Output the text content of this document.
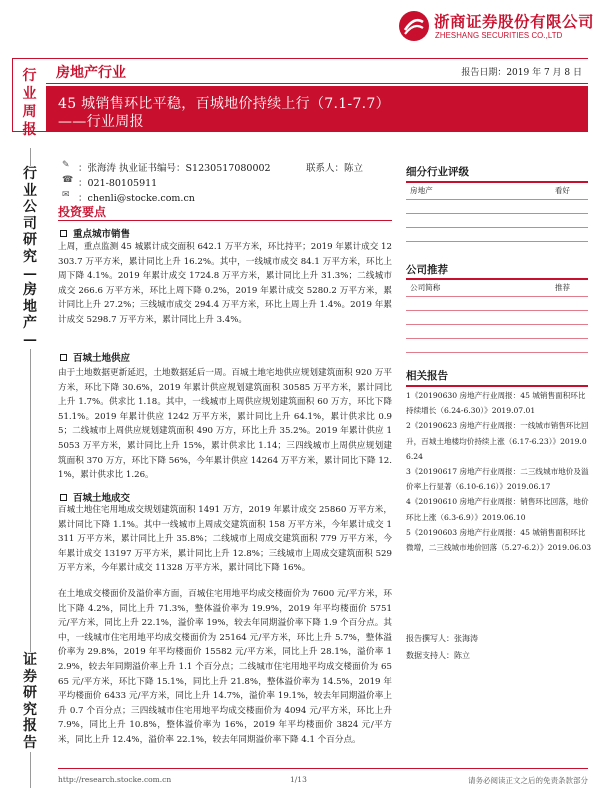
浙商证券股份有限公司
ZHESHANG SECURITIES CO.,LTD
行业周报
房地产行业	报告日期：2019 年 7 月 8 日
45 城销售环比平稳，百城地价持续上行（7.1-7.7）
——行业周报
行业公司研究—房地产—
证券研究报告
✎ ：张海涛 执业证书编号：S1230517080002	联系人：陈立
☎ ：021-80105911
✉ ：chenli@stocke.com.cn
投资要点
重点城市销售
上周，重点监测 45 城累计成交面积 642.1 万平方米，环比持平；2019 年累计成交 12303.7 万平方米，累计同比上升 16.2%。其中，一线城市成交 84.1 万平方米，环比上周下降 4.1%。2019 年累计成交 1724.8 万平方米，累计同比上升 31.3%；二线城市成交 266.6 万平方米，环比上周下降 0.2%，2019 年累计成交 5280.2 万平方米，累计同比上升 27.2%；三线城市成交 294.4 万平方米，环比上周上升 1.4%。2019 年累计成交 5298.7 万平方米，累计同比上升 3.4%。
百城土地供应
由于土地数据更新延迟，土地数据延后一周。百城土地宅地供应规划建筑面积 920 万平方米，环比下降 30.6%，2019 年累计供应规划建筑面积 30585 万平方米，累计同比上升 1.7%。供求比 1.18。其中，一线城市上周供应规划建筑面积 60 万方，环比下降 51.1%。2019 年累计供应 1242 万平方米，累计同比上升 64.1%，累计供求比 0.95；二线城市上周供应规划建筑面积 490 万方，环比上升 35.2%。2019 年累计供应 15053 万平方米，累计同比上升 15%，累计供求比 1.14；三四线城市上周供应规划建筑面积 370 万方，环比下降 56%，今年累计供应 14264 万平方米，累计同比下降 12.1%，累计供求比 1.26。
百城土地成交
百城土地住宅用地成交规划建筑面积 1491 万方，2019 年累计成交 25860 万平方米，累计同比下降 1.1%。其中一线城市上周成交建筑面积 158 万平方米，今年累计成交 1311 万平方米，累计同比上升 35.8%；二线城市上周成交建筑面积 779 万平方米，今年累计成交 13197 万平方米，累计同比上升 12.8%；三线城市上周成交建筑面积 529 万平方米，今年累计成交 11328 万平方米，累计同比下降 16%。
在土地成交楼面价及溢价率方面，百城住宅用地平均成交楼面价为 7600 元/平方米，环比下降 4.2%，同比上升 71.3%，整体溢价率为 19.9%，2019 年平均楼面价 5751 元/平方米，同比上升 22.1%，溢价率 19%，较去年同期溢价率下降 1.9 个百分点。其中，一线城市住宅用地平均成交楼面价为 25164 元/平方米，环比上升 5.7%，整体溢价率为 29.8%，2019 年平均楼面价 15582 元/平方米，同比上升 28.1%，溢价率 12.9%，较去年同期溢价率上升 1.1 个百分点；二线城市住宅用地平均成交楼面价为 6565 元/平方米，环比下降 15.1%，同比上升 21.8%，整体溢价率为 14.5%，2019 年平均楼面价 6433 元/平方米，同比上升 14.7%，溢价率 19.1%，较去年同期溢价率上升 0.7 个百分点；三四线城市住宅用地平均成交楼面价为 4094 元/平方米，环比上升 7.9%，同比上升 10.8%，整体溢价率为 16%，2019 年平均楼面价 3824 元/平方米，同比上升 12.4%，溢价率 22.1%，较去年同期溢价率下降 4.1 个百分点。
细分行业评级
房地产	看好
公司推荐
公司简称	推荐
相关报告
1《20190630 房地产行业周报：45 城销售面积环比持续增长（6.24-6.30）》2019.07.01
2《20190623 房地产行业周报：一线城市销售环比回升，百城土地楼均价持续上涨（6.17-6.23）》2019.06.24
3《20190617 房地产行业周报：二三线城市地价及溢价率上行显著（6.10-6.16）》2019.06.17
4《20190610 房地产行业周报：销售环比回落，地价环比上涨（6.3-6.9）》2019.06.10
5《20190603 房地产行业周报：45 城销售面积环比微增，二三线城市地价回落（5.27-6.2）》2019.06.03
报告撰写人：张海涛
数据支持人：陈立
http://research.stocke.com.cn	1/13	请务必阅读正文之后的免责条款部分
